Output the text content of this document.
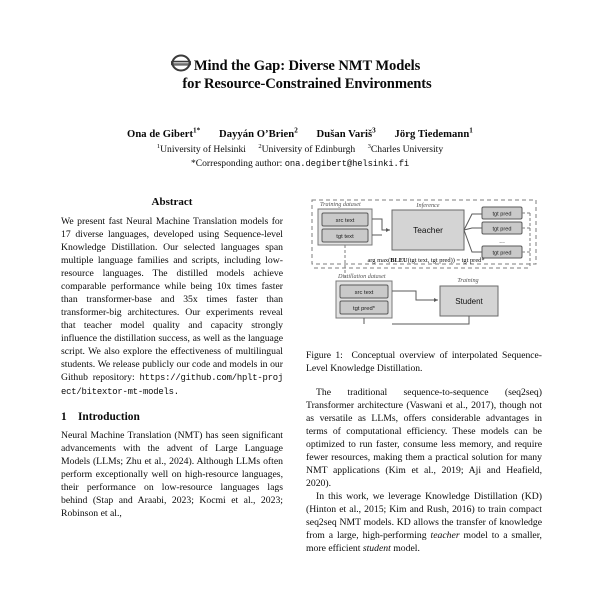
Mind the Gap: Diverse NMT Models
for Resource-Constrained Environments
Ona de Gibert$^{1*}$ Dayyán O’Brien$^2$ Dušan Variš$^3$ Jörg Tiedemann$^1$
$^1$University of Helsinki $^2$University of Edinburgh $^3$Charles University
*Corresponding author: ona.degibert@helsinki.fi
Abstract

We present fast Neural Machine Translation models for 17 diverse languages, developed using Sequence-level Knowledge Distillation. Our selected languages span multiple language families and scripts, including low-resource languages. The distilled models achieve comparable performance while being 10x times faster than transformer-base and 35x times faster than transformer-big architectures. Our experiments reveal that teacher model quality and capacity strongly influence the distillation success, as well as the language script. We also explore the effectiveness of multilingual students. We release publicly our code and models in our Github repository: https://github.com/hplt-project/bitextor-mt-models.

1 Introduction

Neural Machine Translation (NMT) has seen significant advancements with the advent of Large Language Models (LLMs; Zhu et al., 2024). Although LLMs often perform exceptionally well on high-resource languages, their performance on low-resource languages lags behind (Stap and Araabi, 2023; Kocmi et al., 2023; Robinson et al.,

Training dataset
src text
tgt text
Inference
Teacher
tgt pred
tgt pred
...
tgt pred
arg max(BLEU(tgt text, tgt pred)) = tgt pred*
Distillation dataset
src text
tgt pred*
Training
Student

Figure 1: Conceptual overview of interpolated Sequence-Level Knowledge Distillation.

The traditional sequence-to-sequence (seq2seq) Transformer architecture (Vaswani et al., 2017), though not as versatile as LLMs, offers considerable advantages in terms of computational efficiency. These models can be optimized to run faster, consume less memory, and require fewer resources, making them a practical solution for many NMT applications (Kim et al., 2019; Aji and Heafield, 2020).

In this work, we leverage Knowledge Distillation (KD) (Hinton et al., 2015; Kim and Rush, 2016) to train compact seq2seq NMT models. KD allows the transfer of knowledge from a large, high-performing teacher model to a smaller, more efficient student model.
